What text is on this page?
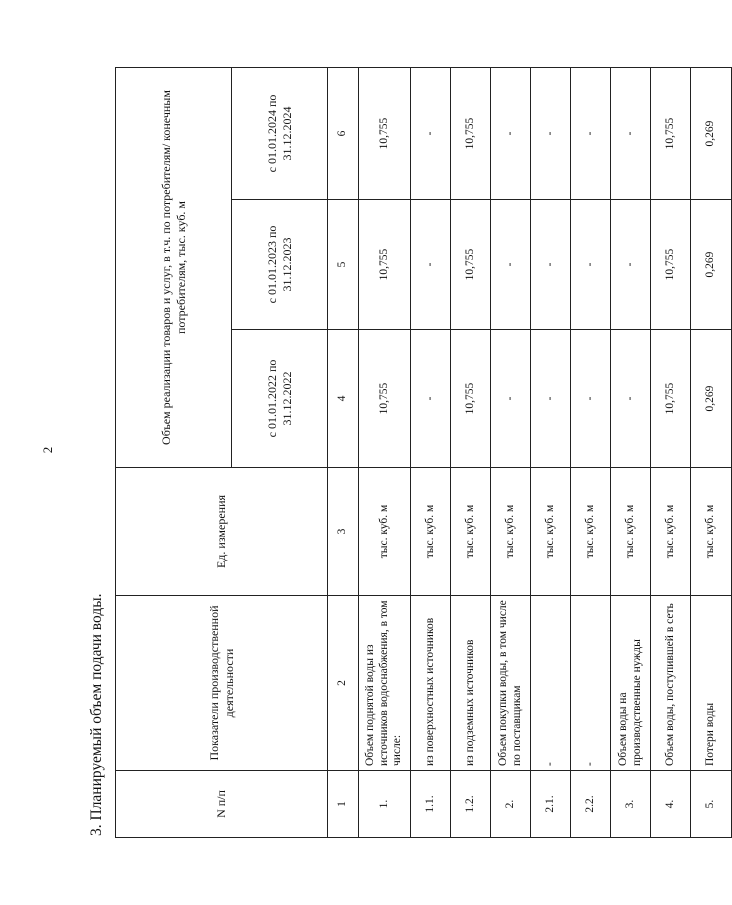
2
3. Планируемый объем подачи воды.	N п/п	Показатели производственной деятельности	Ед. измерения	Объем реализации товаров и услуг, в т.ч. по потребителям/ конечным потребителям, тыс. куб. м		
			с 01.01.2022 по 31.12.2022	с 01.01.2023 по 31.12.2023	с 01.01.2024 по 31.12.2024
1	2	3	4	5	6
1.	Объем поднятой воды из источников водоснабжения, в том числе:	тыс. куб. м	10,755	10,755	10,755
1.1.	из поверхностных источников	тыс. куб. м	-	-	-
1.2.	из подземных источников	тыс. куб. м	10,755	10,755	10,755
2.	Объем покупки воды, в том числе по поставщикам	тыс. куб. м	-	-	-
2.1.	-	тыс. куб. м	-	-	-
2.2.	-	тыс. куб. м	-	-	-
3.	Объем воды на производственные нужды	тыс. куб. м	-	-	-
4.	Объем воды, поступившей в сеть	тыс. куб. м	10,755	10,755	10,755
5.	Потери воды	тыс. куб. м	0,269	0,269	0,269
